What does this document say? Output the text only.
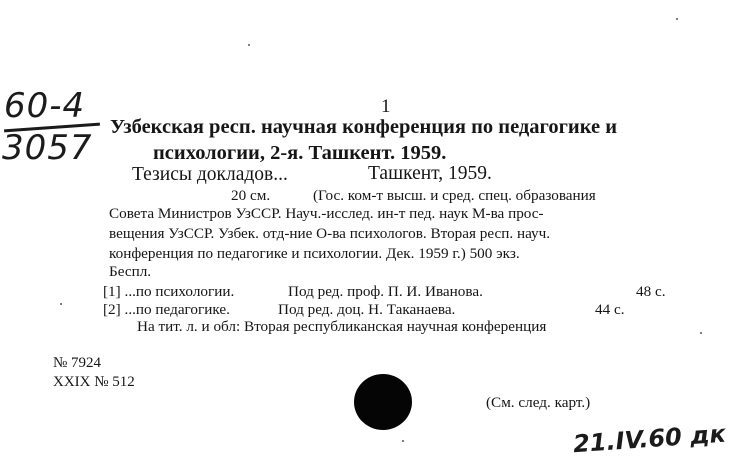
1
60-4
3057
Узбекская респ. научная конференция по педагогике и
психологии, 2-я. Ташкент. 1959.
Тезисы докладов...	Ташкент, 1959.
20 см.	(Гос. ком-т высш. и сред. спец. образования
Совета Министров УзССР. Науч.-исслед. ин-т пед. наук М-ва прос-
вещения УзССР. Узбек. отд-ние О-ва психологов. Вторая респ. науч.
конференция по педагогике и психологии. Дек. 1959 г.) 500 экз.
Беспл.
[1] ...по психологии.	Под ред. проф. П. И. Иванова.	48 с.
[2] ...по педагогике.	Под ред. доц. Н. Таканаева.	44 с.
На тит. л. и обл: Вторая республиканская научная конференция
№ 7924
XXIX № 512
(См. след. карт.)
21.IV.60 дк
